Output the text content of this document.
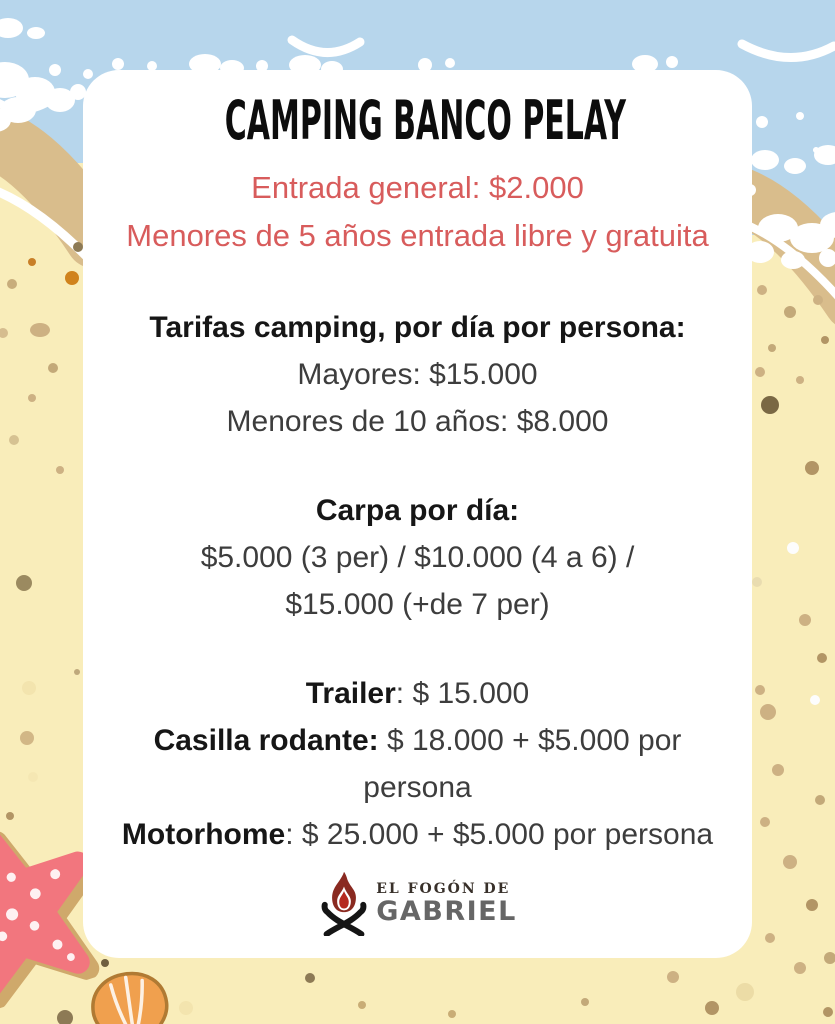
CAMPING BANCO PELAY
Entrada general: $2.000
Menores de 5 años entrada libre y gratuita
Tarifas camping, por día por persona:
Mayores: $15.000
Menores de 10 años: $8.000
Carpa por día:
$5.000 (3 per) / $10.000 (4 a 6) /
$15.000 (+de 7 per)
Trailer: $ 15.000
Casilla rodante: $ 18.000 + $5.000 por
persona
Motorhome: $ 25.000 + $5.000 por persona
EL FOGÓN DE
GABRIEL
